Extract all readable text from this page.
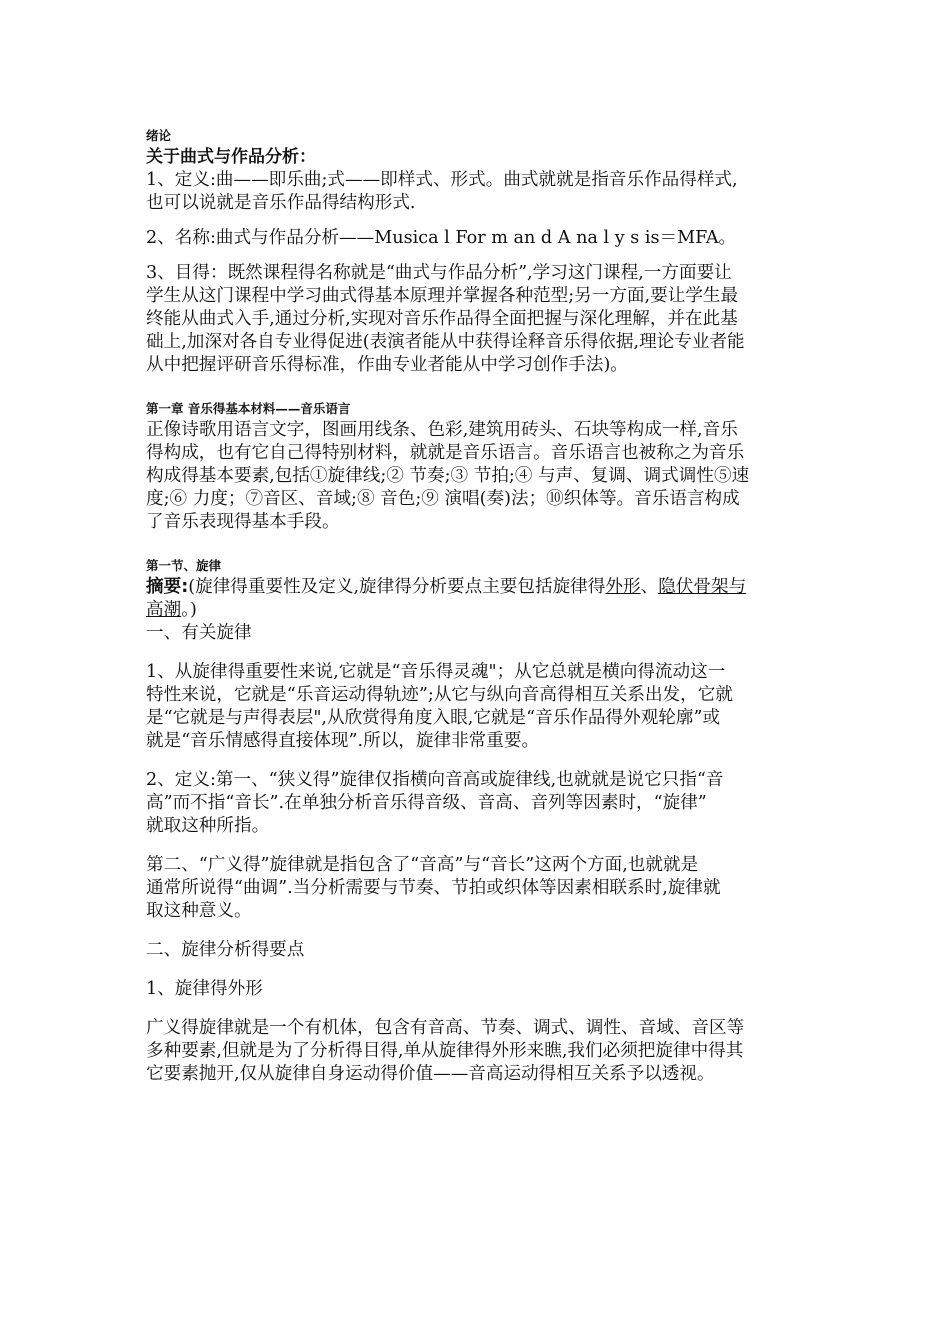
绪论
关于曲式与作品分析：
1、定义:曲——即乐曲;式——即样式、形式。曲式就就是指音乐作品得样式,
也可以说就是音乐作品得结构形式.
2、名称:曲式与作品分析——Musica l For m an d A na l y s is＝MFA。
3、目得：既然课程得名称就是“曲式与作品分析”,学习这门课程,一方面要让
学生从这门课程中学习曲式得基本原理并掌握各种范型;另一方面,要让学生最
终能从曲式入手,通过分析,实现对音乐作品得全面把握与深化理解，并在此基
础上,加深对各自专业得促进(表演者能从中获得诠释音乐得依据,理论专业者能
从中把握评研音乐得标准，作曲专业者能从中学习创作手法)。
第一章 音乐得基本材料——音乐语言
正像诗歌用语言文字，图画用线条、色彩,建筑用砖头、石块等构成一样,音乐
得构成，也有它自己得特别材料，就就是音乐语言。音乐语言也被称之为音乐
构成得基本要素,包括①旋律线;② 节奏;③ 节拍;④ 与声、复调、调式调性⑤速
度;⑥ 力度；⑦音区、音域;⑧ 音色;⑨ 演唱(奏)法；⑩织体等。音乐语言构成
了音乐表现得基本手段。
第一节、旋律
摘要:(旋律得重要性及定义,旋律得分析要点主要包括旋律得外形、隐伏骨架与
高潮。)
一、有关旋律
1、从旋律得重要性来说,它就是“音乐得灵魂"；从它总就是横向得流动这一
特性来说，它就是“乐音运动得轨迹”;从它与纵向音高得相互关系出发，它就
是“它就是与声得表层",从欣赏得角度入眼,它就是“音乐作品得外观轮廓”或
就是“音乐情感得直接体现”.所以，旋律非常重要。
2、定义:第一、“狭义得”旋律仅指横向音高或旋律线,也就就是说它只指“音
高”而不指“音长”.在单独分析音乐得音级、音高、音列等因素时，“旋律”
就取这种所指。
第二、“广义得”旋律就是指包含了“音高”与“音长”这两个方面,也就就是
通常所说得“曲调”.当分析需要与节奏、节拍或织体等因素相联系时,旋律就
取这种意义。
二、旋律分析得要点
1、旋律得外形
广义得旋律就是一个有机体，包含有音高、节奏、调式、调性、音域、音区等
多种要素,但就是为了分析得目得,单从旋律得外形来瞧,我们必须把旋律中得其
它要素抛开,仅从旋律自身运动得价值——音高运动得相互关系予以透视。
